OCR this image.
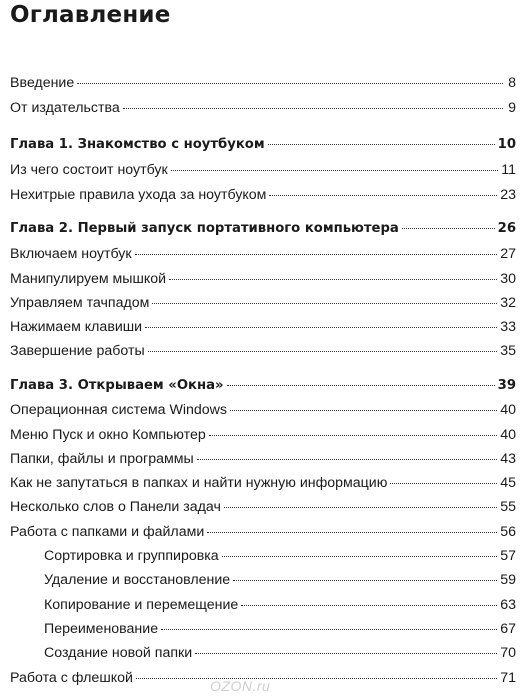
Оглавление
Введение	8
От издательства	9
Глава 1. Знакомство с ноутбуком	10
Из чего состоит ноутбук	11
Нехитрые правила ухода за ноутбуком	23
Глава 2. Первый запуск портативного компьютера	26
Включаем ноутбук	27
Манипулируем мышкой	30
Управляем тачпадом	32
Нажимаем клавиши	33
Завершение работы	35
Глава 3. Открываем «Окна»	39
Операционная система Windows	40
Меню Пуск и окно Компьютер	40
Папки, файлы и программы	43
Как не запутаться в папках и найти нужную информацию	45
Несколько слов о Панели задач	55
Работа с папками и файлами	56
Сортировка и группировка	57
Удаление и восстановление	59
Копирование и перемещение	63
Переименование	67
Создание новой папки	70
Работа с флешкой	71
OZON.ru
